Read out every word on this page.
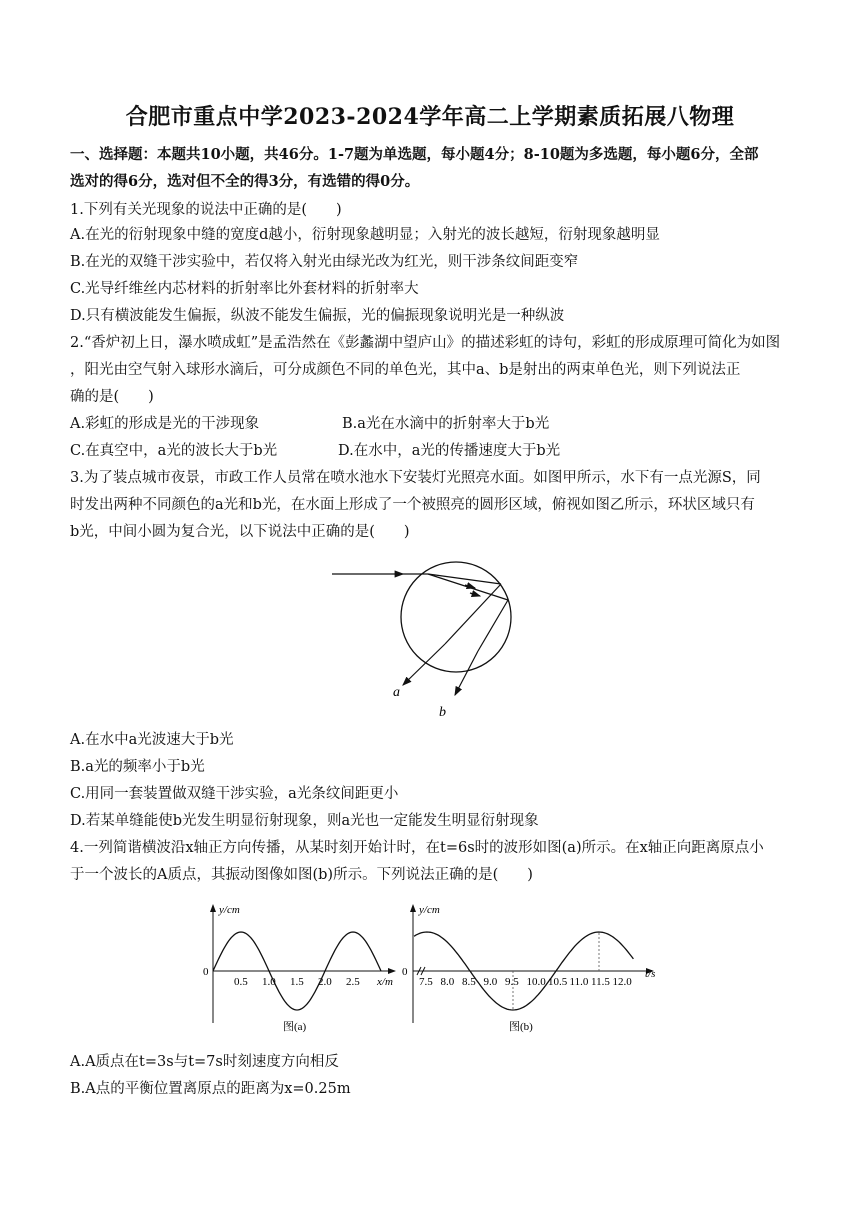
合肥市重点中学2023-2024学年高二上学期素质拓展八物理
一、选择题：本题共10小题，共46分。1-7题为单选题，每小题4分；8-10题为多选题，每小题6分，全部
选对的得6分，选对但不全的得3分，有选错的得0分。
1.下列有关光现象的说法中正确的是(　　)
A.在光的衍射现象中缝的宽度d越小，衍射现象越明显；入射光的波长越短，衍射现象越明显
B.在光的双缝干涉实验中，若仅将入射光由绿光改为红光，则干涉条纹间距变窄
C.光导纤维丝内芯材料的折射率比外套材料的折射率大
D.只有横波能发生偏振，纵波不能发生偏振，光的偏振现象说明光是一种纵波
2.“香炉初上日，瀑水喷成虹”是孟浩然在《彭蠡湖中望庐山》的描述彩虹的诗句，彩虹的形成原理可简化为如图
，阳光由空气射入球形水滴后，可分成颜色不同的单色光，其中a、b是射出的两束单色光，则下列说法正
确的是(　　)
A.彩虹的形成是光的干涉现象	B.a光在水滴中的折射率大于b光
C.在真空中，a光的波长大于b光	D.在水中，a光的传播速度大于b光
3.为了装点城市夜景，市政工作人员常在喷水池水下安装灯光照亮水面。如图甲所示，水下有一点光源S，同
时发出两种不同颜色的a光和b光，在水面上形成了一个被照亮的圆形区域，俯视如图乙所示，环状区域只有
b光，中间小圆为复合光，以下说法中正确的是(　　)
a
b
A.在水中a光波速大于b光
B.a光的频率小于b光
C.用同一套装置做双缝干涉实验，a光条纹间距更小
D.若某单缝能使b光发生明显衍射现象，则a光也一定能发生明显衍射现象
4.一列简谐横波沿x轴正方向传播，从某时刻开始计时，在t=6s时的波形如图(a)所示。在x轴正向距离原点小
于一个波长的A质点，其振动图像如图(b)所示。下列说法正确的是(　　)
y/cm
x/m
0
图(a)
0.5 1.0 1.5 2.0 2.5
y/cm
t/s
0
图(b)
7.5 8.0 8.5 9.0 9.5 10.0 10.5 11.0 11.5 12.0
A.A质点在t=3s与t=7s时刻速度方向相反
B.A点的平衡位置离原点的距离为x=0.25m
